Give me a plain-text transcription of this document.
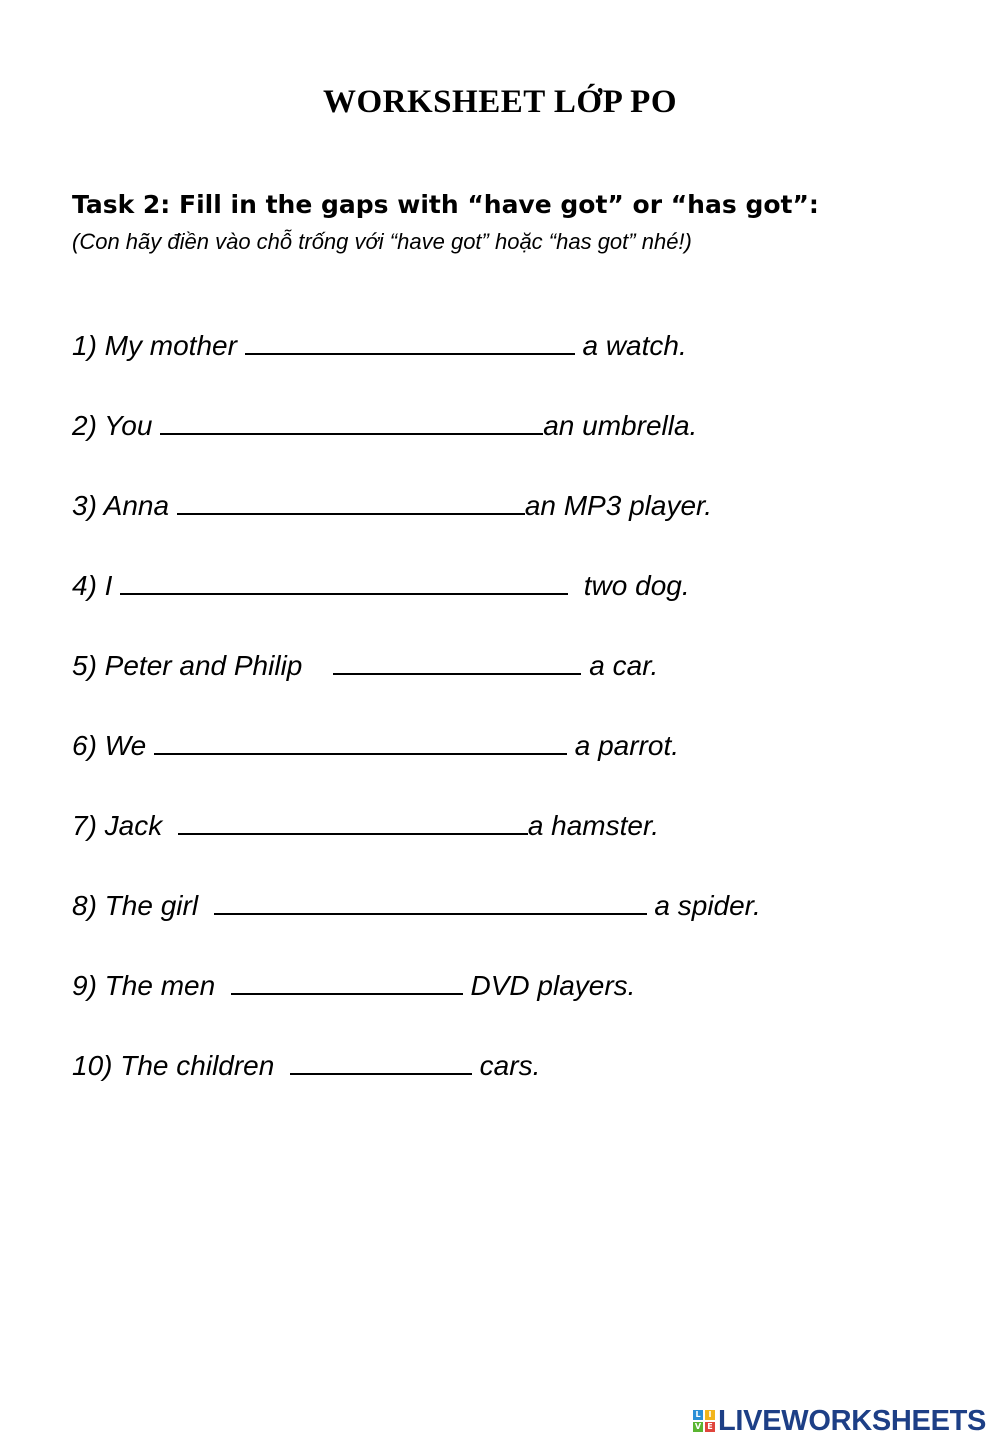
WORKSHEET LỚP PO
Task 2: Fill in the gaps with “have got” or “has got”:
(Con hãy điền vào chỗ trống với “have got” hoặc “has got” nhé!)
1) My mother	a watch.
2) You	an umbrella.
3) Anna	an MP3 player.
4) I	two dog.
5) Peter and Philip	a car.
6) We	a parrot.
7) Jack	a hamster.
8) The girl	a spider.
9) The men	DVD players.
10) The children	cars.
L I
V E LIVEWORKSHEETS
